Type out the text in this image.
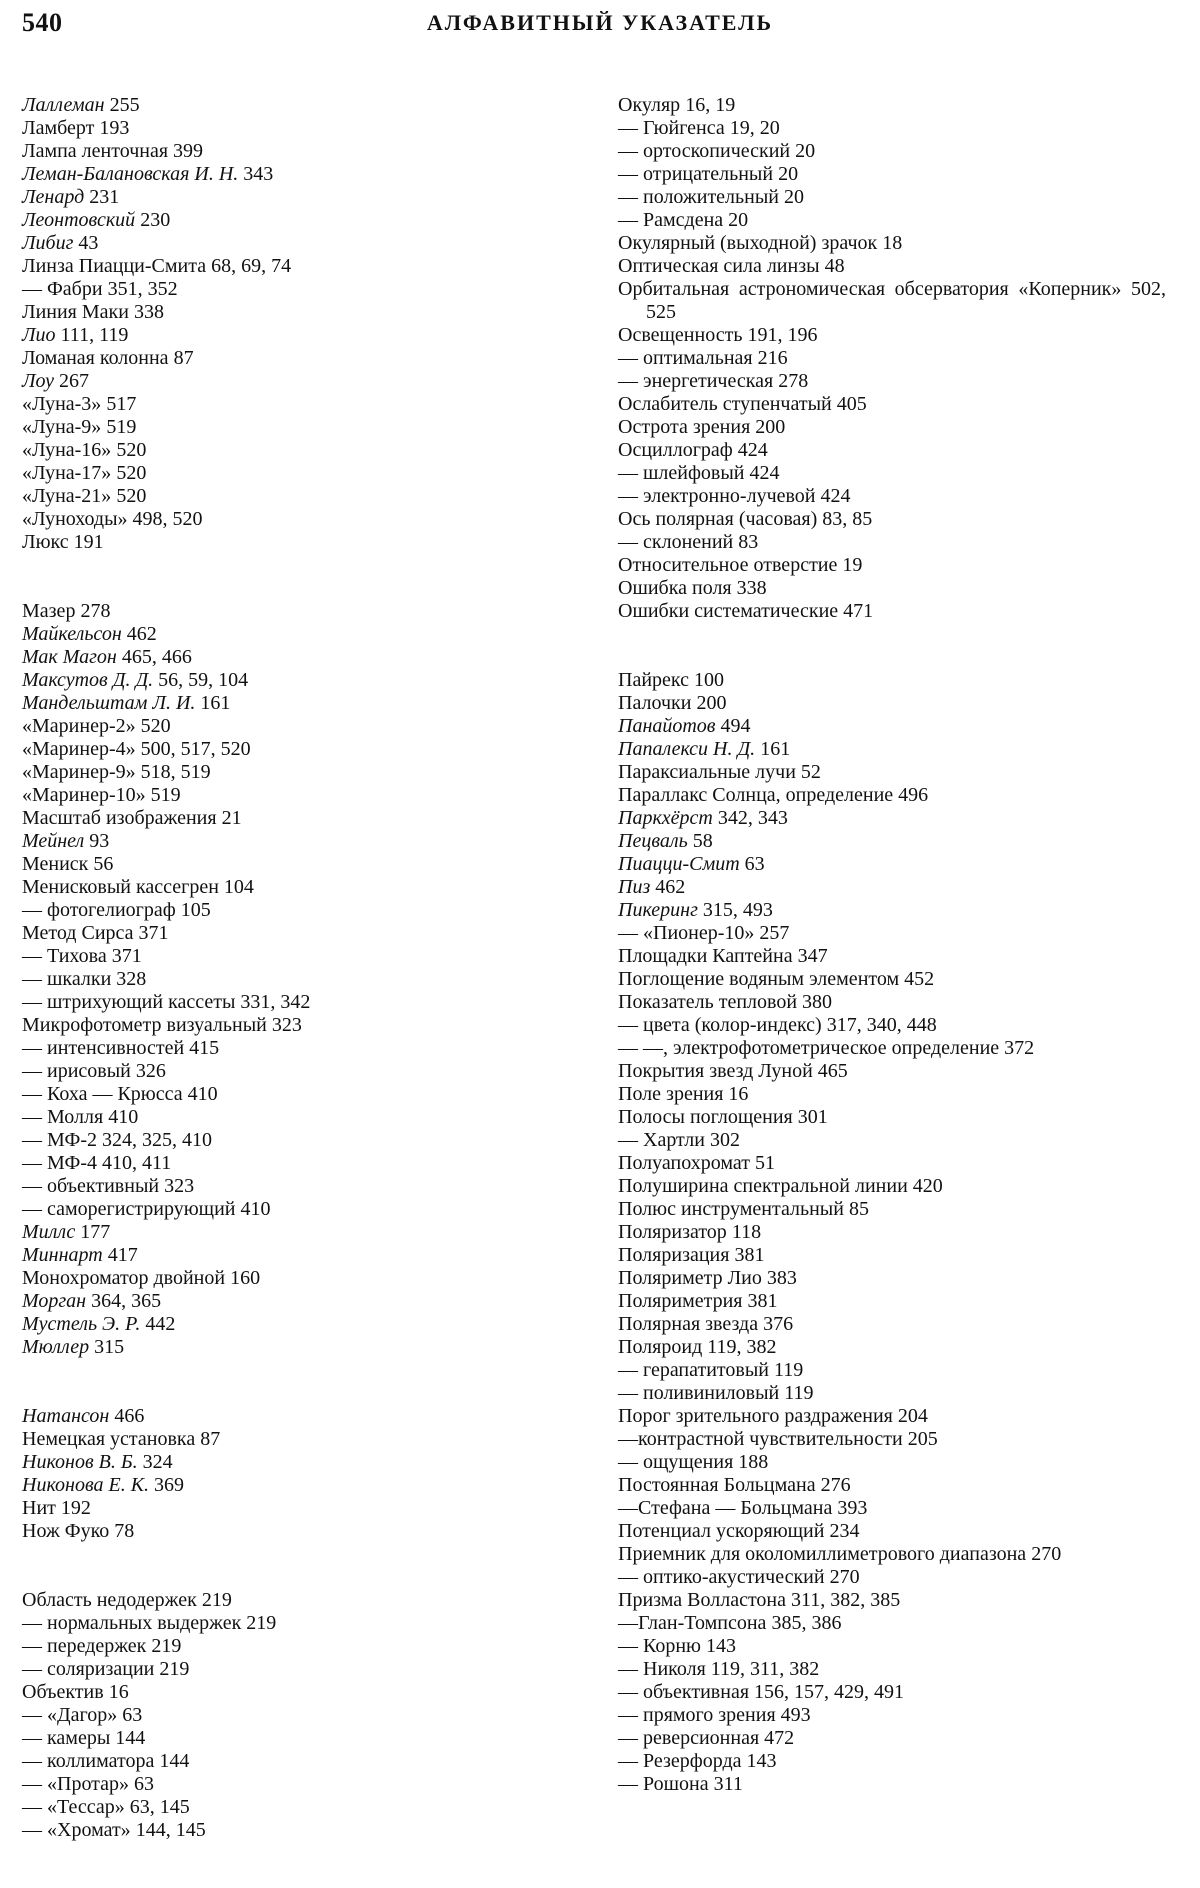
540	АЛФАВИТНЫЙ УКАЗАТЕЛЬ
Лаллеман 255
Ламберт 193
Лампа ленточная 399
Леман-Балановская И. Н. 343
Ленард 231
Леонтовский 230
Либиг 43
Линза Пиацци-Смита 68, 69, 74
— Фабри 351, 352
Линия Маки 338
Лио 111, 119
Ломаная колонна 87
Лоу 267
«Луна-3» 517
«Луна-9» 519
«Луна-16» 520
«Луна-17» 520
«Луна-21» 520
«Луноходы» 498, 520
Люкс 191
Мазер 278
Майкельсон 462
Мак Магон 465, 466
Максутов Д. Д. 56, 59, 104
Мандельштам Л. И. 161
«Маринер-2» 520
«Маринер-4» 500, 517, 520
«Маринер-9» 518, 519
«Маринер-10» 519
Масштаб изображения 21
Мейнел 93
Мениск 56
Менисковый кассегрен 104
— фотогелиограф 105
Метод Сирса 371
— Тихова 371
— шкалки 328
— штрихующий кассеты 331, 342
Микрофотометр визуальный 323
— интенсивностей 415
— ирисовый 326
— Коха — Крюсса 410
— Молля 410
— МФ-2 324, 325, 410
— МФ-4 410, 411
— объективный 323
— саморегистрирующий 410
Миллс 177
Миннарт 417
Монохроматор двойной 160
Морган 364, 365
Мустель Э. Р. 442
Мюллер 315
Натансон 466
Немецкая установка 87
Никонов В. Б. 324
Никонова Е. К. 369
Нит 192
Нож Фуко 78
Область недодержек 219
— нормальных выдержек 219
— передержек 219
— соляризации 219
Объектив 16
— «Дагор» 63
— камеры 144
— коллиматора 144
— «Протар» 63
— «Тессар» 63, 145
— «Хромат» 144, 145
Окуляр 16, 19
— Гюйгенса 19, 20
— ортоскопический 20
— отрицательный 20
— положительный 20
— Рамсдена 20
Окулярный (выходной) зрачок 18
Оптическая сила линзы 48
Орбитальная астрономическая обсерватория «Коперник» 502, 525
Освещенность 191, 196
— оптимальная 216
— энергетическая 278
Ослабитель ступенчатый 405
Острота зрения 200
Осциллограф 424
— шлейфовый 424
— электронно-лучевой 424
Ось полярная (часовая) 83, 85
— склонений 83
Относительное отверстие 19
Ошибка поля 338
Ошибки систематические 471
Пайрекс 100
Палочки 200
Панайотов 494
Папалекси Н. Д. 161
Параксиальные лучи 52
Параллакс Солнца, определение 496
Паркхёрст 342, 343
Пецваль 58
Пиацци-Смит 63
Пиз 462
Пикеринг 315, 493
— «Пионер-10» 257
Площадки Каптейна 347
Поглощение водяным элементом 452
Показатель тепловой 380
— цвета (колор-индекс) 317, 340, 448
— —, электрофотометрическое определение 372
Покрытия звезд Луной 465
Поле зрения 16
Полосы поглощения 301
— Хартли 302
Полуапохромат 51
Полуширина спектральной линии 420
Полюс инструментальный 85
Поляризатор 118
Поляризация 381
Поляриметр Лио 383
Поляриметрия 381
Полярная звезда 376
Поляроид 119, 382
— герапатитовый 119
— поливиниловый 119
Порог зрительного раздражения 204
—контрастной чувствительности 205
— ощущения 188
Постоянная Больцмана 276
—Стефана — Больцмана 393
Потенциал ускоряющий 234
Приемник для околомиллиметрового диапазона 270
— оптико-акустический 270
Призма Волластона 311, 382, 385
—Глан-Томпсона 385, 386
— Корню 143
— Николя 119, 311, 382
— объективная 156, 157, 429, 491
— прямого зрения 493
— реверсионная 472
— Резерфорда 143
— Рошона 311
